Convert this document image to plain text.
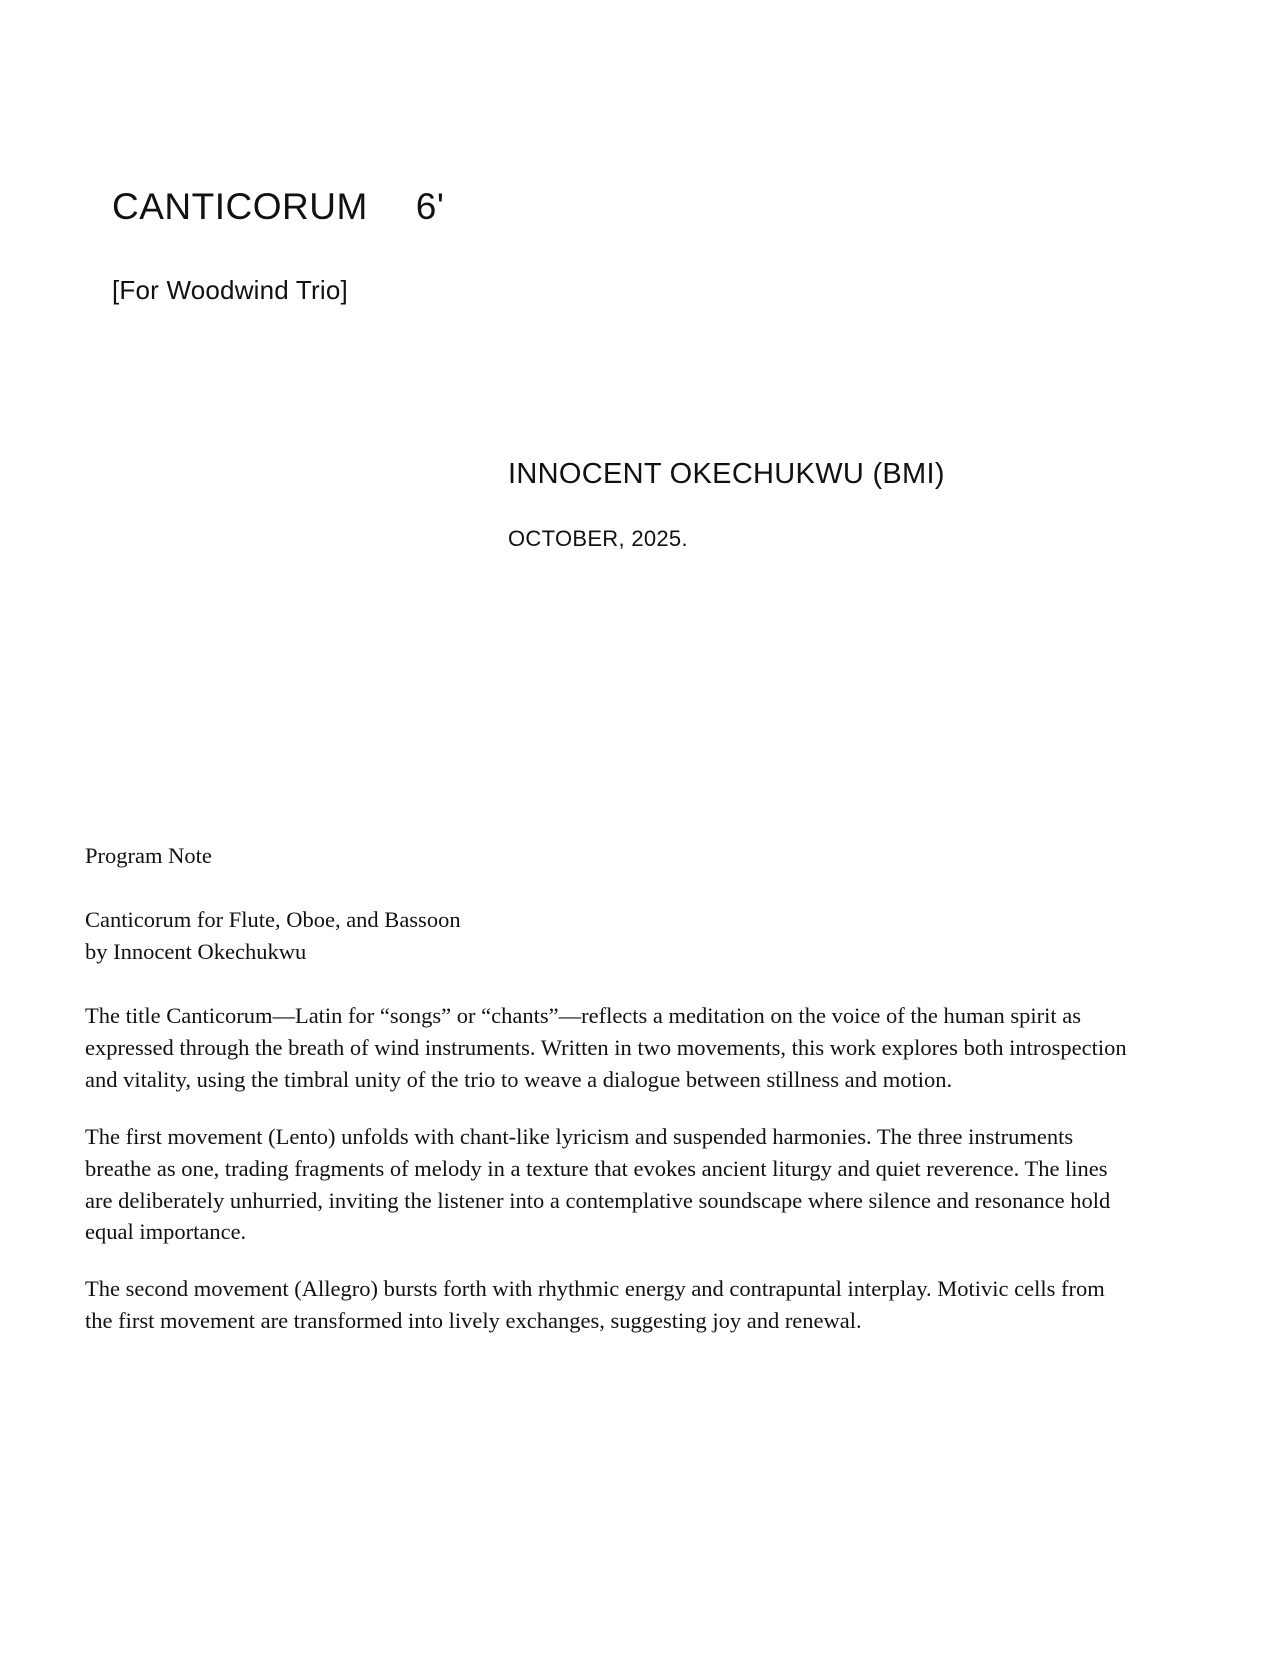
CANTICORUM 6'

[For Woodwind Trio]

INNOCENT OKECHUKWU (BMI)

OCTOBER, 2025.

Program Note

Canticorum for Flute, Oboe, and Bassoon
by Innocent Okechukwu

The title Canticorum—Latin for “songs” or “chants”—reflects a meditation on the voice of the human spirit as expressed through the breath of wind instruments. Written in two movements, this work explores both introspection and vitality, using the timbral unity of the trio to weave a dialogue between stillness and motion.

The first movement (Lento) unfolds with chant-like lyricism and suspended harmonies. The three instruments breathe as one, trading fragments of melody in a texture that evokes ancient liturgy and quiet reverence. The lines are deliberately unhurried, inviting the listener into a contemplative soundscape where silence and resonance hold equal importance.

The second movement (Allegro) bursts forth with rhythmic energy and contrapuntal interplay. Motivic cells from the first movement are transformed into lively exchanges, suggesting joy and renewal.
